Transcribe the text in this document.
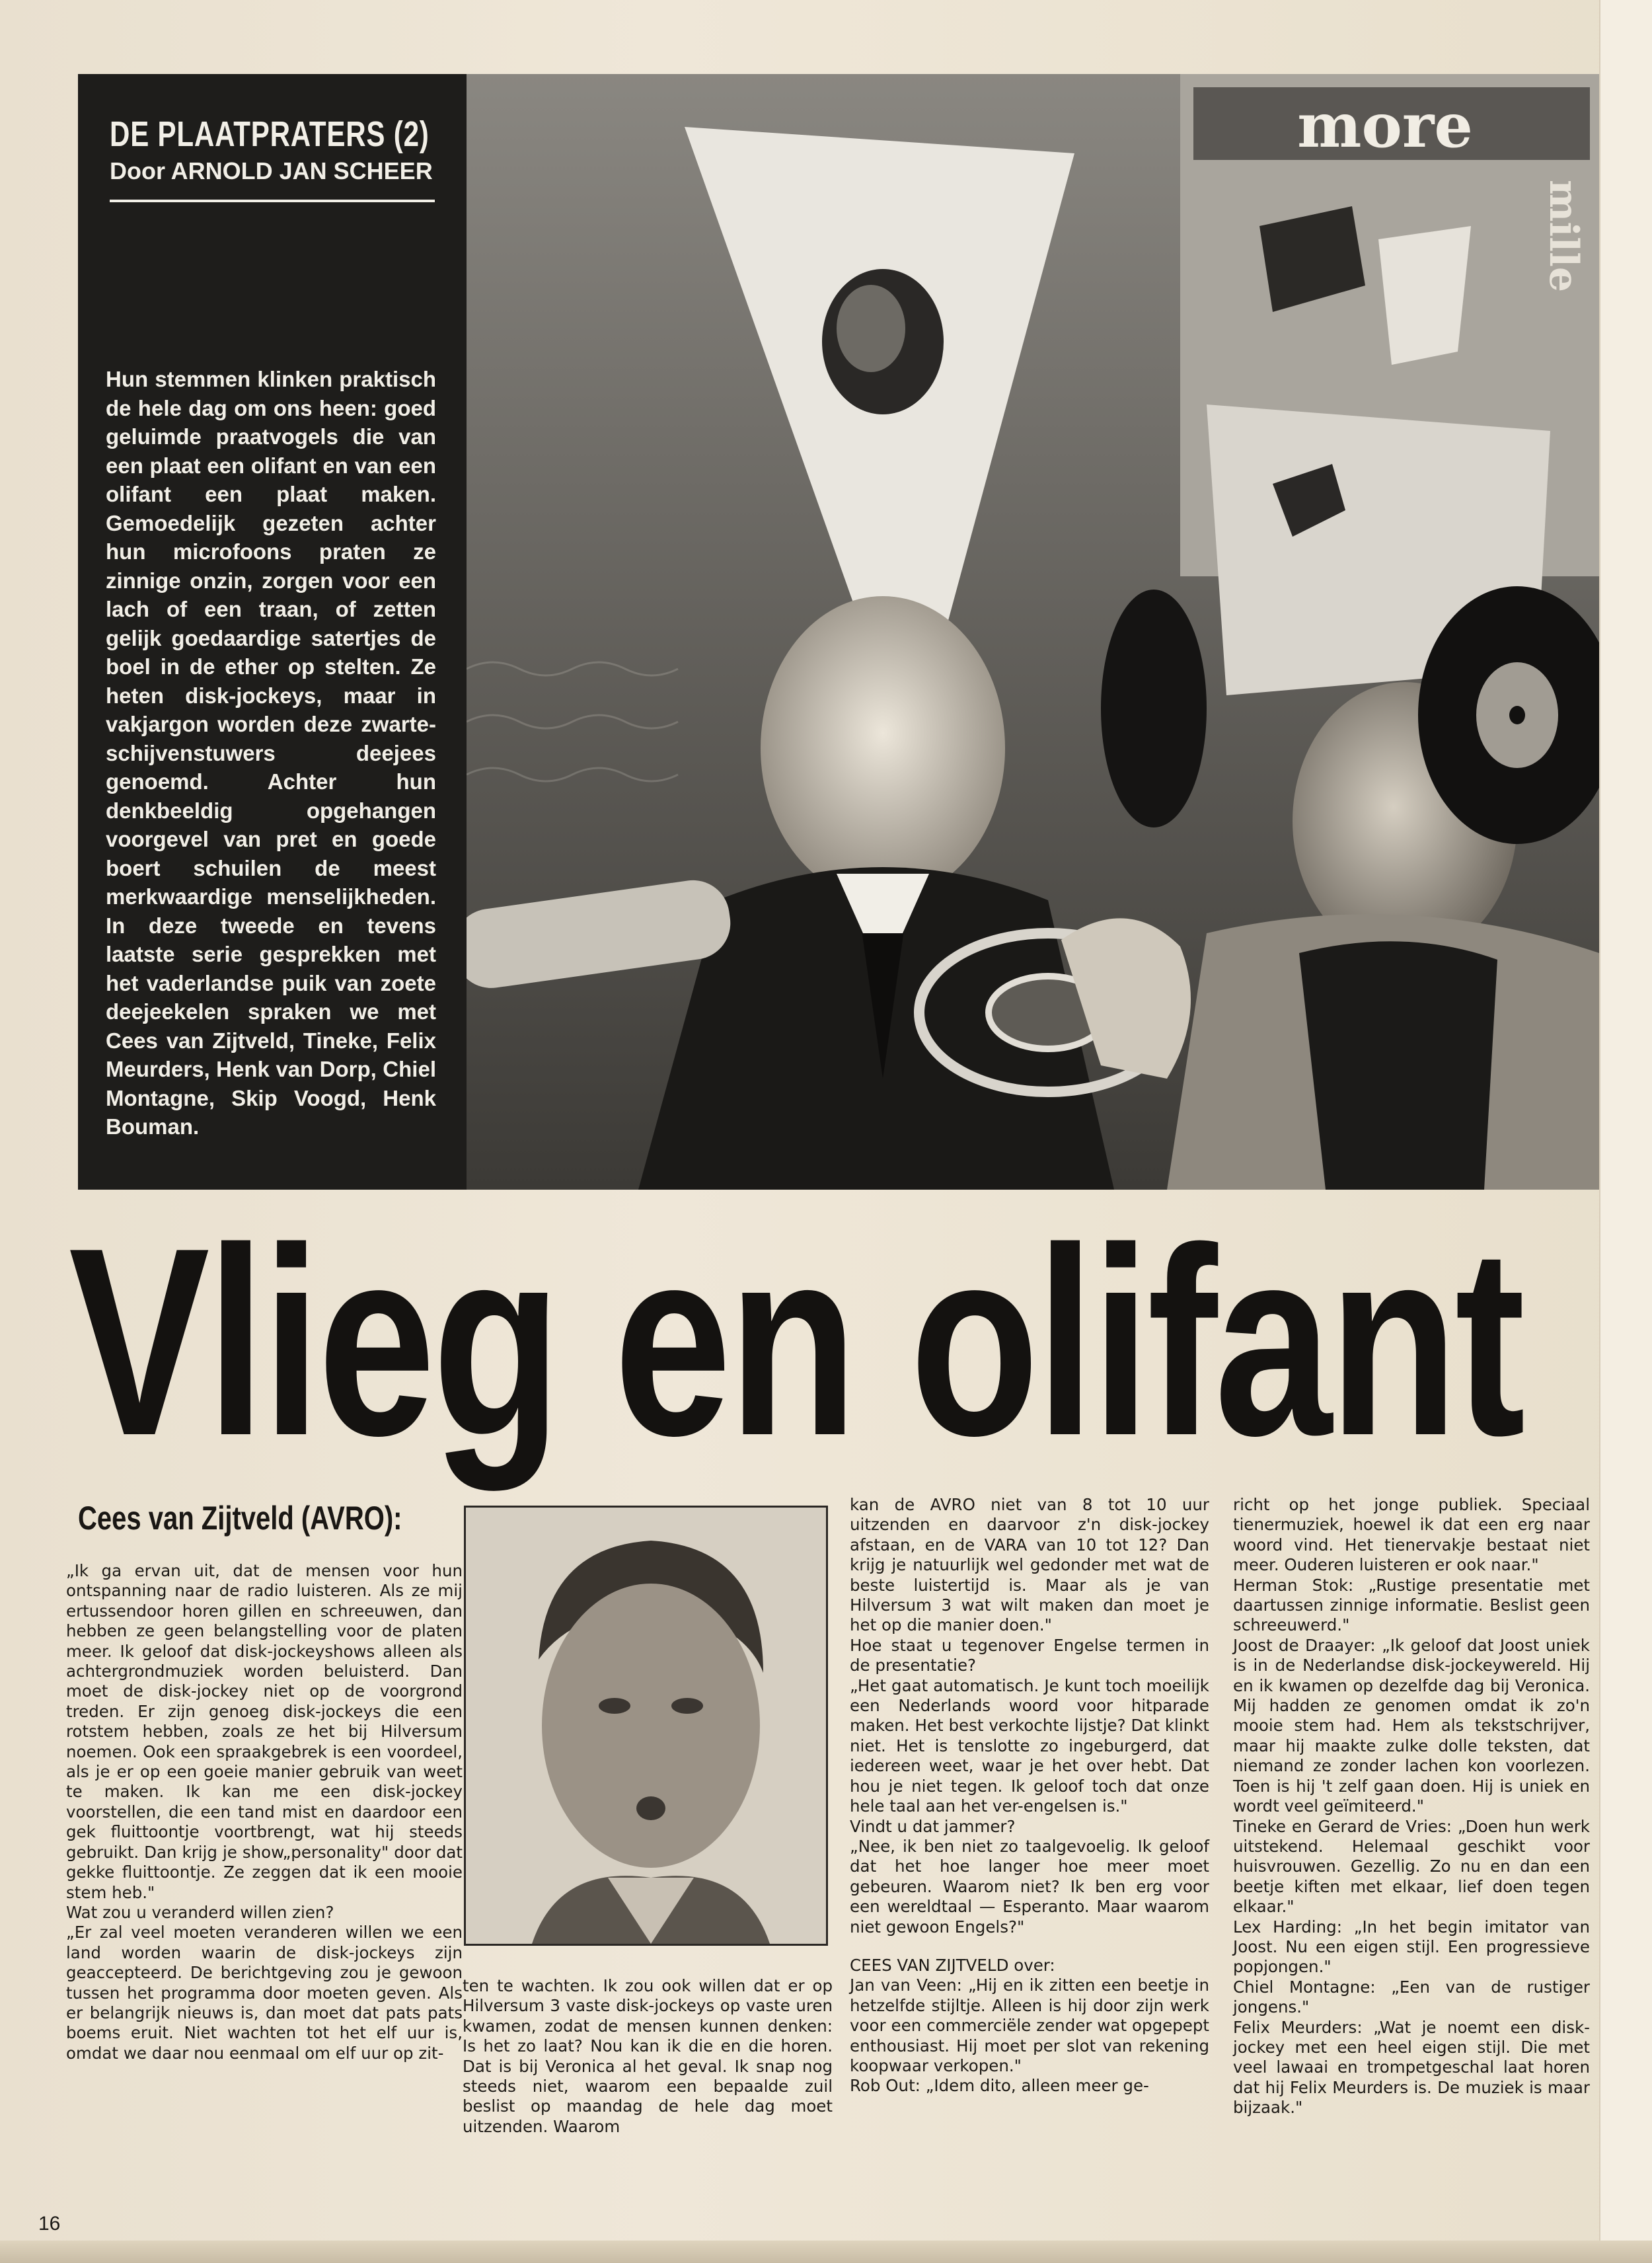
more
mille
DE PLAATPRATERS (2)
Door ARNOLD JAN SCHEER
Hun stemmen klinken praktisch de hele dag om ons heen: goed geluimde praatvogels die van een plaat een olifant en van een olifant een plaat maken. Gemoedelijk gezeten achter hun microfoons praten ze zinnige onzin, zorgen voor een lach of een traan, of zetten gelijk goedaardige satertjes de boel in de ether op stelten. Ze heten disk-jockeys, maar in vakjargon worden deze zwarte-schijvenstuwers deejees genoemd. Achter hun denkbeeldig opgehangen voorgevel van pret en goede boert schuilen de meest merkwaardige menselijkheden. In deze tweede en tevens laatste serie gesprekken met het vaderlandse puik van zoete deejeekelen spraken we met Cees van Zijtveld, Tineke, Felix Meurders, Henk van Dorp, Chiel Montagne, Skip Voogd, Henk Bouman.
Vlieg en olifant
Cees van Zijtveld (AVRO):

„Ik ga ervan uit, dat de mensen voor hun ontspanning naar de radio luisteren. Als ze mij ertussendoor horen gillen en schreeuwen, dan hebben ze geen belangstelling voor de platen meer. Ik geloof dat disk-jockeyshows alleen als achtergrondmuziek worden beluisterd. Dan moet de disk-jockey niet op de voorgrond treden. Er zijn genoeg disk-jockeys die een rotstem hebben, zoals ze het bij Hilversum noemen. Ook een spraakgebrek is een voordeel, als je er op een goeie manier gebruik van weet te maken. Ik kan me een disk-jockey voorstellen, die een tand mist en daardoor een gek fluittoontje voortbrengt, wat hij steeds gebruikt. Dan krijg je show„personality" door dat gekke fluittoontje. Ze zeggen dat ik een mooie stem heb."

Wat zou u veranderd willen zien?

„Er zal veel moeten veranderen willen we een land worden waarin de disk-jockeys zijn geaccepteerd. De berichtgeving zou je gewoon tussen het programma door moeten geven. Als er belangrijk nieuws is, dan moet dat pats pats boems eruit. Niet wachten tot het elf uur is, omdat we daar nou eenmaal om elf uur op zit-

ten te wachten. Ik zou ook willen dat er op Hilversum 3 vaste disk-jockeys op vaste uren kwamen, zodat de mensen kunnen denken: Is het zo laat? Nou kan ik die en die horen. Dat is bij Veronica al het geval. Ik snap nog steeds niet, waarom een bepaalde zuil beslist op maandag de hele dag moet uitzenden. Waarom

kan de AVRO niet van 8 tot 10 uur uitzenden en daarvoor z'n disk-jockey afstaan, en de VARA van 10 tot 12? Dan krijg je natuurlijk wel gedonder met wat de beste luistertijd is. Maar als je van Hilversum 3 wat wilt maken dan moet je het op die manier doen."

Hoe staat u tegenover Engelse termen in de presentatie?

„Het gaat automatisch. Je kunt toch moeilijk een Nederlands woord voor hitparade maken. Het best verkochte lijstje? Dat klinkt niet. Het is tenslotte zo ingeburgerd, dat iedereen weet, waar je het over hebt. Dat hou je niet tegen. Ik geloof toch dat onze hele taal aan het ver-engelsen is."

Vindt u dat jammer?

„Nee, ik ben niet zo taalgevoelig. Ik geloof dat het hoe langer hoe meer moet gebeuren. Waarom niet? Ik ben erg voor een wereldtaal — Esperanto. Maar waarom niet gewoon Engels?"

CEES VAN ZIJTVELD over:

Jan van Veen: „Hij en ik zitten een beetje in hetzelfde stijltje. Alleen is hij door zijn werk voor een commerciële zender wat opgepept enthousiast. Hij moet per slot van rekening koopwaar verkopen."

Rob Out: „Idem dito, alleen meer ge-

richt op het jonge publiek. Speciaal tienermuziek, hoewel ik dat een erg naar woord vind. Het tienervakje bestaat niet meer. Ouderen luisteren er ook naar."

Herman Stok: „Rustige presentatie met daartussen zinnige informatie. Beslist geen schreeuwerd."

Joost de Draayer: „Ik geloof dat Joost uniek is in de Nederlandse disk-jockeywereld. Hij en ik kwamen op dezelfde dag bij Veronica. Mij hadden ze genomen omdat ik zo'n mooie stem had. Hem als tekstschrijver, maar hij maakte zulke dolle teksten, dat niemand ze zonder lachen kon voorlezen. Toen is hij 't zelf gaan doen. Hij is uniek en wordt veel geïmiteerd."

Tineke en Gerard de Vries: „Doen hun werk uitstekend. Helemaal geschikt voor huisvrouwen. Gezellig. Zo nu en dan een beetje kiften met elkaar, lief doen tegen elkaar."

Lex Harding: „In het begin imitator van Joost. Nu een eigen stijl. Een progressieve popjongen."

Chiel Montagne: „Een van de rustiger jongens."

Felix Meurders: „Wat je noemt een disk-jockey met een heel eigen stijl. Die met veel lawaai en trompetgeschal laat horen dat hij Felix Meurders is. De muziek is maar bijzaak."

16
